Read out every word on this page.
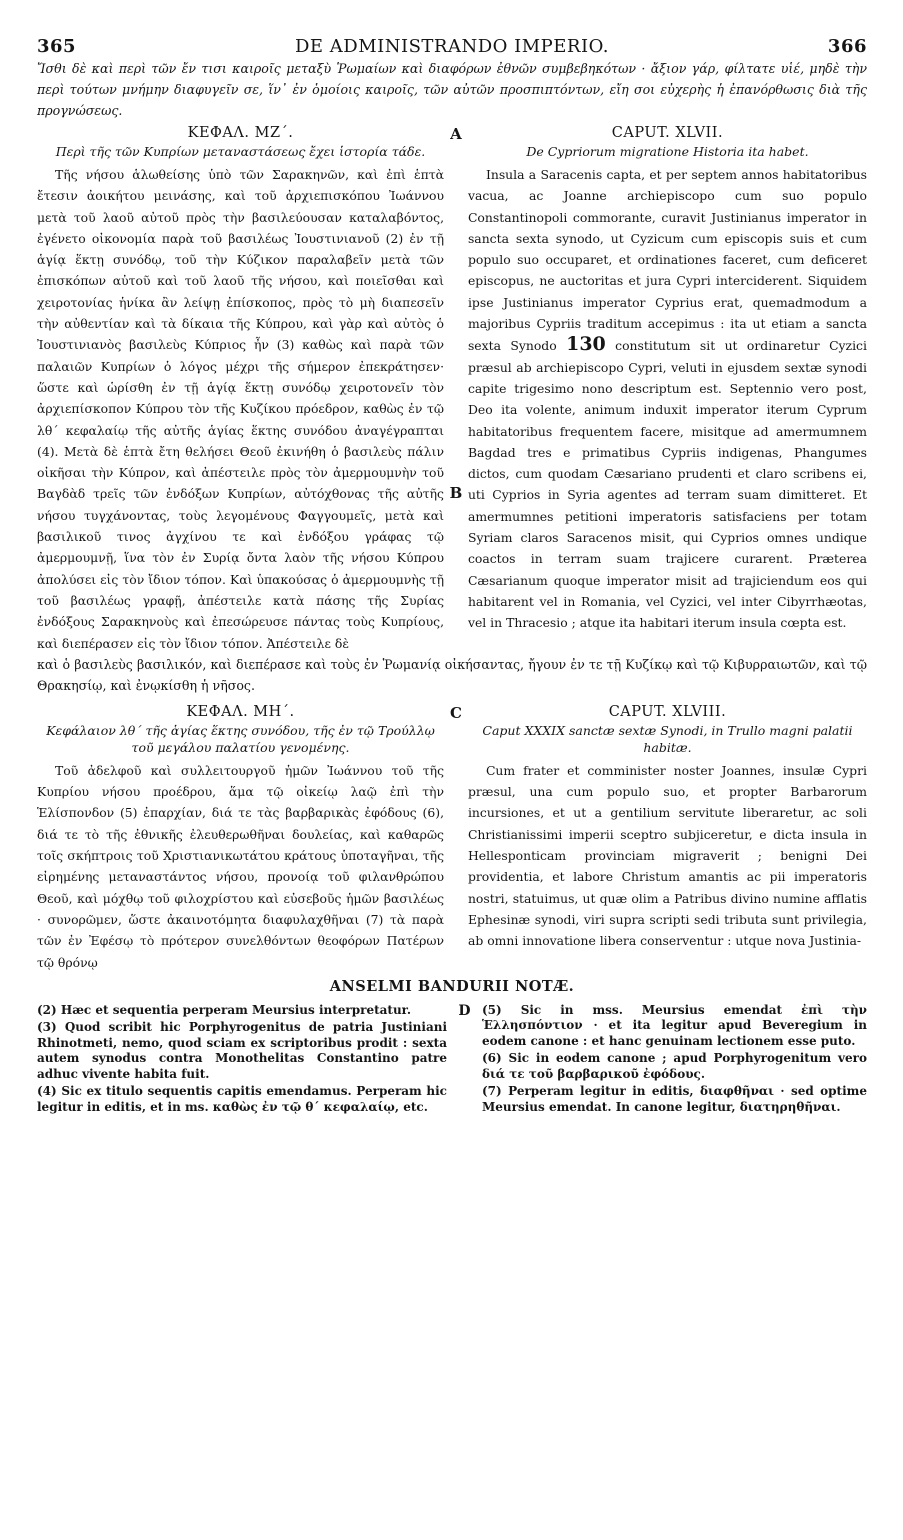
365	DE ADMINISTRANDO IMPERIO.	366

Ἴσθι δὲ καὶ περὶ τῶν ἔν τισι καιροῖς μεταξὺ Ῥωμαίων καὶ διαφόρων ἐθνῶν συμβεβηκότων · ἄξιον γάρ, φίλτατε υἱέ, μηδὲ τὴν περὶ τούτων μνήμην διαφυγεῖν σε, ἵν᾽ ἐν ὁμοίοις καιροῖς, τῶν αὐτῶν προσπιπτόντων, εἴη σοι εὐχερὴς ἡ ἐπανόρθωσις διὰ τῆς προγνώσεως.

ΚΕΦΑΛ. ΜΖ΄.
Περὶ τῆς τῶν Κυπρίων μεταναστάσεως ἔχει ἱστορία τάδε.
A	CAPUT. XLVII.
De Cypriorum migratione Historia ita habet.

Τῆς νήσου ἁλωθείσης ὑπὸ τῶν Σαρακηνῶν, καὶ ἐπὶ ἑπτὰ ἔτεσιν ἀοικήτου μεινάσης, καὶ τοῦ ἀρχιεπισκόπου Ἰωάννου μετὰ τοῦ λαοῦ αὐτοῦ πρὸς τὴν βασιλεύουσαν καταλαβόντος, ἐγένετο οἰκονομία παρὰ τοῦ βασιλέως Ἰουστινιανοῦ (2) ἐν τῇ ἁγίᾳ ἕκτῃ συνόδῳ, τοῦ τὴν Κύζικον παραλαβεῖν μετὰ τῶν ἐπισκόπων αὐτοῦ καὶ τοῦ λαοῦ τῆς νήσου, καὶ ποιεῖσθαι καὶ χειροτονίας ἡνίκα ἂν λείψῃ ἐπίσκοπος, πρὸς τὸ μὴ διαπεσεῖν τὴν αὐθεντίαν καὶ τὰ δίκαια τῆς Κύπρου, καὶ γὰρ καὶ αὐτὸς ὁ Ἰουστινιανὸς βασιλεὺς Κύπριος ἦν (3) καθὼς καὶ παρὰ τῶν παλαιῶν Κυπρίων ὁ λόγος μέχρι τῆς σήμερον ἐπεκράτησεν· ὥστε καὶ ὡρίσθη ἐν τῇ ἁγίᾳ ἕκτῃ συνόδῳ χειροτονεῖν τὸν ἀρχιεπίσκοπον Κύπρου τὸν τῆς Κυζίκου πρόεδρον, καθὼς ἐν τῷ λθ΄ κεφαλαίῳ τῆς αὐτῆς ἁγίας ἕκτης συνόδου ἀναγέγραπται (4). Μετὰ δὲ ἑπτὰ ἔτη θελήσει Θεοῦ ἐκινήθη ὁ βασιλεὺς πάλιν οἰκῆσαι τὴν Κύπρον, καὶ ἀπέστειλε πρὸς τὸν ἀμερμουμνὴν τοῦ Βαγδὰδ τρεῖς τῶν ἐνδόξων Κυπρίων, αὐτόχθονας τῆς αὐτῆς νήσου τυγχάνοντας, τοὺς λεγομένους Φαγγουμεῖς, μετὰ καὶ βασιλικοῦ τινος ἀγχίνου τε καὶ ἐνδόξου γράφας τῷ ἀμερμουμνῇ, ἵνα τὸν ἐν Συρίᾳ ὄντα λαὸν τῆς νήσου Κύπρου ἀπολύσει εἰς τὸν ἴδιον τόπον. Καὶ ὑπακούσας ὁ ἀμερμουμνὴς τῇ τοῦ βασιλέως γραφῇ, ἀπέστειλε κατὰ πάσης τῆς Συρίας ἐνδόξους Σαρακηνοὺς καὶ ἐπεσώρευσε πάντας τοὺς Κυπρίους, καὶ διεπέρασεν εἰς τὸν ἴδιον τόπον. Ἀπέστειλε δὲ

B

Insula a Saracenis capta, et per septem annos habitatoribus vacua, ac Joanne archiepiscopo cum suo populo Constantinopoli commorante, curavit Justinianus imperator in sancta sexta synodo, ut Cyzicum cum episcopis suis et cum populo suo occuparet, et ordinationes faceret, cum deficeret episcopus, ne auctoritas et jura Cypri interciderent. Siquidem ipse Justinianus imperator Cyprius erat, quemadmodum a majoribus Cypriis traditum accepimus : ita ut etiam a sancta sexta Synodo 130 constitutum sit ut ordinaretur Cyzici præsul ab archiepiscopo Cypri, veluti in ejusdem sextæ synodi capite trigesimo nono descriptum est. Septennio vero post, Deo ita volente, animum induxit imperator iterum Cyprum habitatoribus frequentem facere, misitque ad amermumnem Bagdad tres e primatibus Cypriis indigenas, Phangumes dictos, cum quodam Cæsariano prudenti et claro scribens ei, uti Cyprios in Syria agentes ad terram suam dimitteret. Et amermumnes petitioni imperatoris satisfaciens per totam Syriam claros Saracenos misit, qui Cyprios omnes undique coactos in terram suam trajicere curarent. Præterea Cæsarianum quoque imperator misit ad trajiciendum eos qui habitarent vel in Romania, vel Cyzici, vel inter Cibyrrhæotas, vel in Thracesio ; atque ita habitari iterum insula cœpta est.

καὶ ὁ βασιλεὺς βασιλικόν, καὶ διεπέρασε καὶ τοὺς ἐν Ῥωμανίᾳ οἰκήσαντας, ἤγουν ἐν τε τῇ Κυζίκῳ καὶ τῷ Κιβυρραιωτῶν, καὶ τῷ Θρακησίῳ, καὶ ἐνῳκίσθη ἡ νῆσος.

ΚΕΦΑΛ. ΜΗ΄.
Κεφάλαιον λθ΄ τῆς ἁγίας ἕκτης συνόδου, τῆς ἐν τῷ Τρούλλῳ τοῦ μεγάλου παλατίου γενομένης.
C	CAPUT. XLVIII.
Caput XXXIX sanctæ sextæ Synodi, in Trullo magni palatii habitæ.

Τοῦ ἀδελφοῦ καὶ συλλειτουργοῦ ἡμῶν Ἰωάννου τοῦ τῆς Κυπρίου νήσου προέδρου, ἅμα τῷ οἰκείῳ λαῷ ἐπὶ τὴν Ἑλίσπονδον (5) ἐπαρχίαν, διά τε τὰς βαρβαρικὰς ἐφόδους (6), διά τε τὸ τῆς ἐθνικῆς ἐλευθερωθῆναι δουλείας, καὶ καθαρῶς τοῖς σκήπτροις τοῦ Χριστιανικωτάτου κράτους ὑποταγῆναι, τῆς εἰρημένης μεταναστάντος νήσου, προνοίᾳ τοῦ φιλανθρώπου Θεοῦ, καὶ μόχθῳ τοῦ φιλοχρίστου καὶ εὐσεβοῦς ἡμῶν βασιλέως · συνορῶμεν, ὥστε ἀκαινοτόμητα διαφυλαχθῆναι (7) τὰ παρὰ τῶν ἐν Ἐφέσῳ τὸ πρότερον συνελθόντων θεοφόρων Πατέρων τῷ θρόνῳ

Cum frater et comminister noster Joannes, insulæ Cypri præsul, una cum populo suo, et propter Barbarorum incursiones, et ut a gentilium servitute liberaretur, ac soli Christianissimi imperii sceptro subjiceretur, e dicta insula in Hellesponticam provinciam migraverit ; benigni Dei providentia, et labore Christum amantis ac pii imperatoris nostri, statuimus, ut quæ olim a Patribus divino numine afflatis Ephesinæ synodi, viri supra scripti sedi tributa sunt privilegia, ab omni innovatione libera conserventur : utque nova Justinia-

ANSELMI BANDURII NOTÆ.

(2) Hæc et sequentia perperam Meursius interpretatur.

(3) Quod scribit hic Porphyrogenitus de patria Justiniani Rhinotmeti, nemo, quod sciam ex scriptoribus prodit : sexta autem synodus contra Monothelitas Constantino patre adhuc vivente habita fuit.

(4) Sic ex titulo sequentis capitis emendamus. Perperam hic legitur in editis, et in ms. καθὼς ἐν τῷ θ΄ κεφαλαίῳ, etc.

D (5) Sic in mss. Meursius emendat ἐπὶ τὴν Ἑλλησπόντιον · et ita legitur apud Beveregium in eodem canone : et hanc genuinam lectionem esse puto.

(6) Sic in eodem canone ; apud Porphyrogenitum vero διά τε τοῦ βαρβαρικοῦ ἐφόδους.

(7) Perperam legitur in editis, διαφθῆναι · sed optime Meursius emendat. In canone legitur, διατηρηθῆναι.
